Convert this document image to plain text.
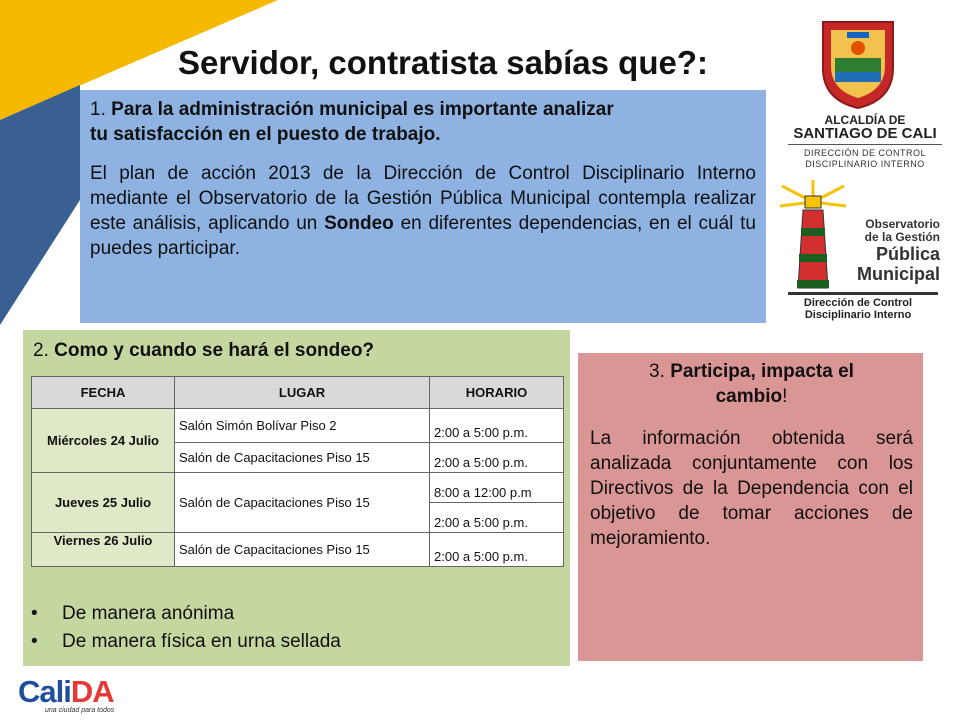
Servidor, contratista sabías que?:

1. Para la administración municipal es importante analizar
tu satisfacción en el puesto de trabajo.

El plan de acción 2013 de la Dirección de Control Disciplinario Interno mediante el Observatorio de la Gestión Pública Municipal contempla realizar este análisis, aplicando un Sondeo en diferentes dependencias, en el cuál tu puedes participar.

2. Como y cuando se hará el sondeo?
FECHA	LUGAR	HORARIO
Miércoles 24 Julio	Salón Simón Bolívar Piso 2	2:00 a 5:00 p.m.
	Salón de Capacitaciones Piso 15	2:00 a 5:00 p.m.
Jueves 25 Julio	Salón de Capacitaciones Piso 15	8:00 a 12:00 p.m
		2:00 a 5:00 p.m.
Viernes 26 Julio	Salón de Capacitaciones Piso 15	2:00 a 5:00 p.m.
•	De manera anónima
•	De manera física en urna sellada

3. Participa, impacta el
cambio!

La información obtenida será analizada conjuntamente con los Directivos de la Dependencia con el objetivo de tomar acciones de mejoramiento.

ALCALDÍA DE
SANTIAGO DE CALI
DIRECCIÓN DE CONTROL
DISCIPLINARIO INTERNO
Observatorio
de la Gestión
Pública
Municipal
Dirección de Control
Disciplinario Interno
CaliDA
una ciudad para todos
